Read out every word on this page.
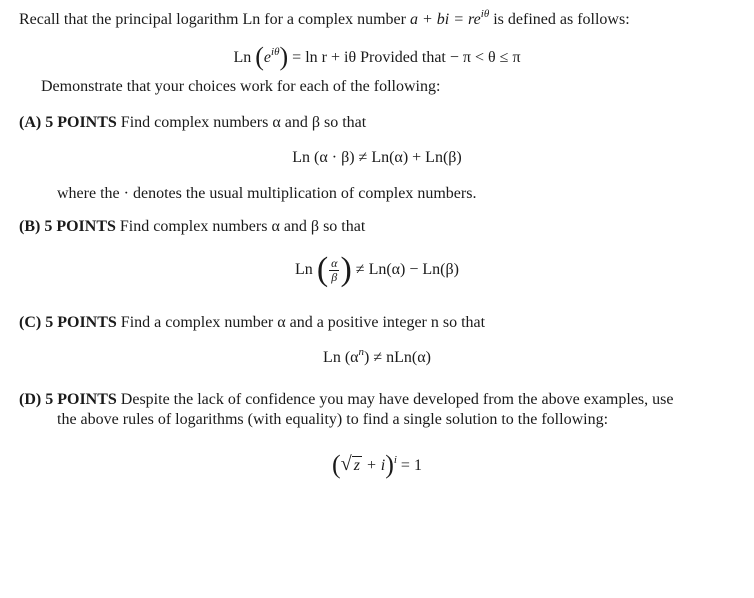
Recall that the principal logarithm Ln for a complex number a + bi = $re^{i\theta}$ is defined as follows:
Ln $(e^{i\theta}) = \ln r + i\theta$ Provided that − π < θ ≤ π
Demonstrate that your choices work for each of the following:
(A) 5 POINTS Find complex numbers α and β so that
Ln (α · β) ≠ Ln(α) + Ln(β)
where the · denotes the usual multiplication of complex numbers.
(B) 5 POINTS Find complex numbers α and β so that
Ln ( $\frac{\alpha}{\beta}$ ) ≠ Ln(α) − Ln(β)
(C) 5 POINTS Find a complex number α and a positive integer n so that
Ln $(\alpha^n) \ne nLn(\alpha)$
(D) 5 POINTS Despite the lack of confidence you may have developed from the above examples, use
the above rules of logarithms (with equality) to find a single solution to the following:
(√ z + i)$^i$ = 1
